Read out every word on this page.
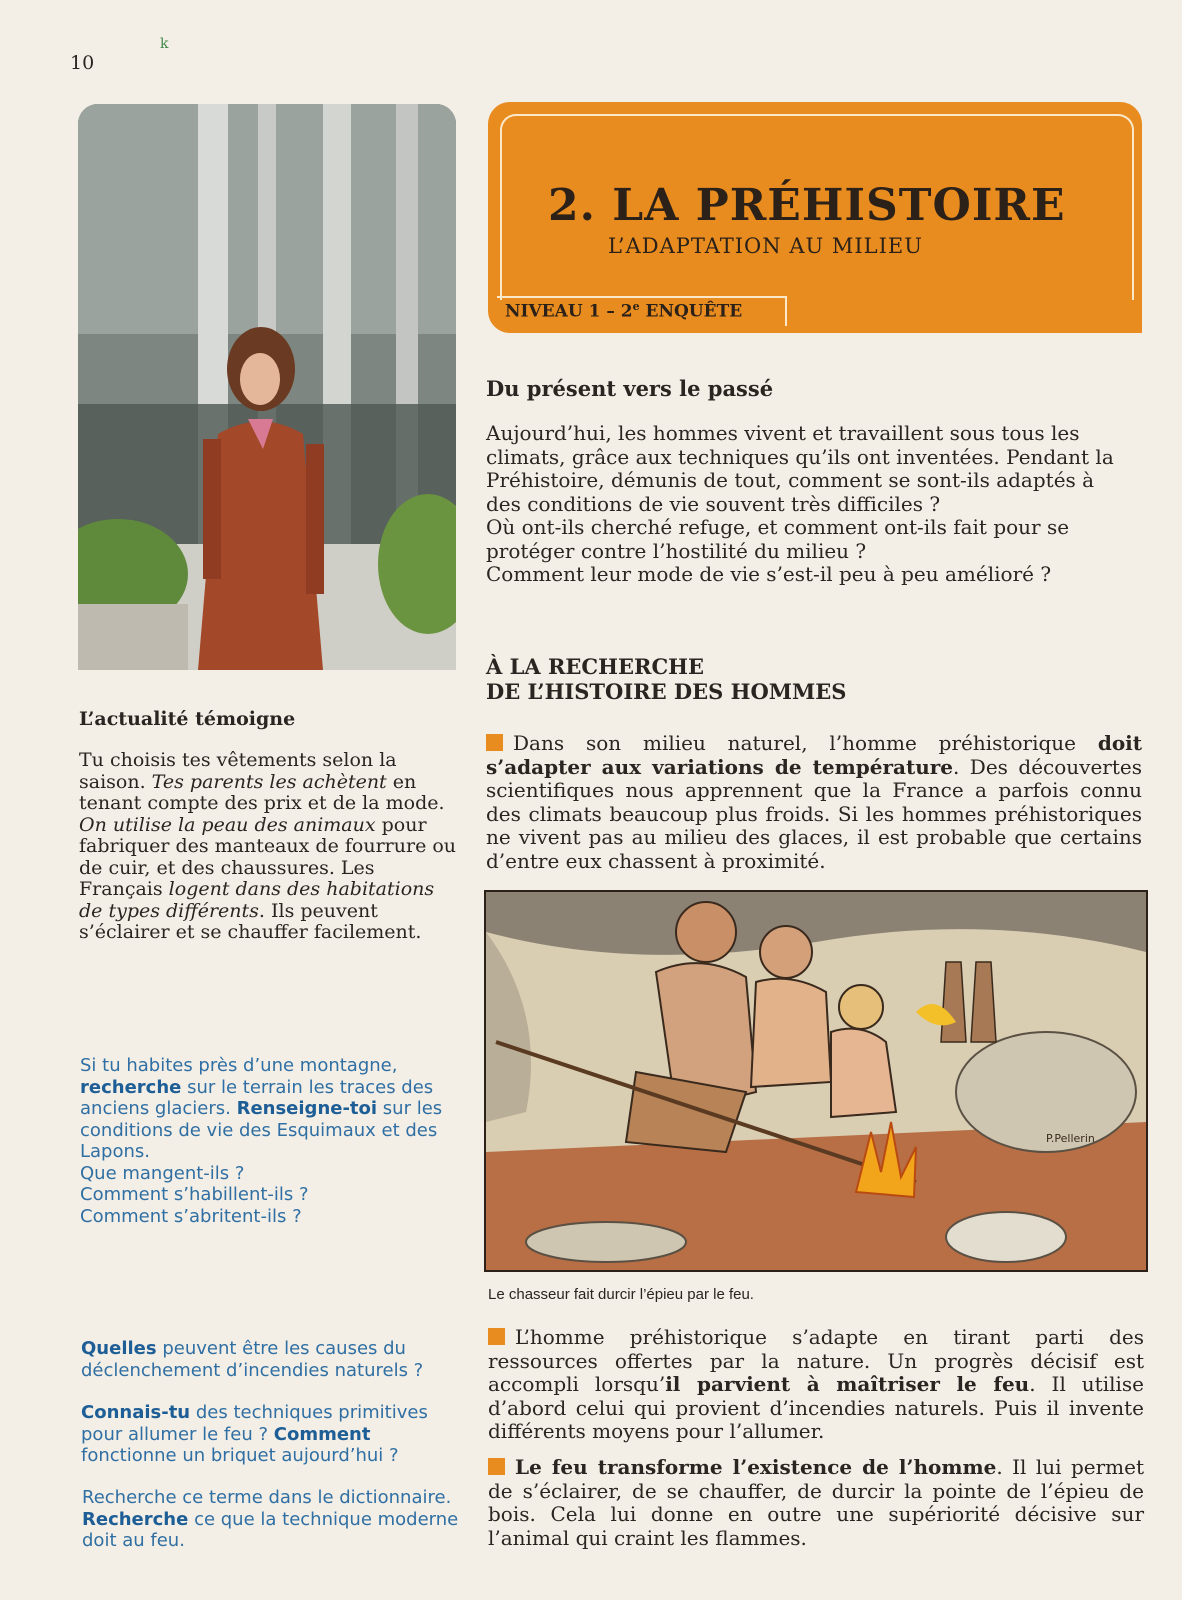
10
k
L’actualité témoigne
Tu choisis tes vêtements selon la saison. Tes parents les achètent en tenant compte des prix et de la mode. On utilise la peau des animaux pour fabriquer des manteaux de fourrure ou de cuir, et des chaussures. Les Français logent dans des habitations de types différents. Ils peuvent s’éclairer et se chauffer facilement.
Si tu habites près d’une montagne, recherche sur le terrain les traces des anciens glaciers. Renseigne-toi sur les conditions de vie des Esquimaux et des Lapons.
Que mangent-ils ?
Comment s’habillent-ils ?
Comment s’abritent-ils ?
Quelles peuvent être les causes du déclenchement d’incendies naturels ?
Connais-tu des techniques primitives pour allumer le feu ? Comment fonctionne un briquet aujourd’hui ?
Recherche ce terme dans le dictionnaire. Recherche ce que la technique moderne doit au feu.
2. LA PRÉHISTOIRE
L’ADAPTATION AU MILIEU
NIVEAU 1 – 2e ENQUÊTE
Du présent vers le passé
Aujourd’hui, les hommes vivent et travaillent sous tous les
climats, grâce aux techniques qu’ils ont inventées. Pendant la
Préhistoire, démunis de tout, comment se sont-ils adaptés à
des conditions de vie souvent très difficiles ?
Où ont-ils cherché refuge, et comment ont-ils fait pour se
protéger contre l’hostilité du milieu ?
Comment leur mode de vie s’est-il peu à peu amélioré ?
À LA RECHERCHE
DE L’HISTOIRE DES HOMMES
Dans son milieu naturel, l’homme préhistorique doit s’adapter aux variations de température. Des découvertes scientifiques nous apprennent que la France a parfois connu des climats beaucoup plus froids. Si les hommes préhistoriques ne vivent pas au milieu des glaces, il est probable que certains d’entre eux chassent à proximité.
P.Pellerin
Le chasseur fait durcir l’épieu par le feu.
L’homme préhistorique s’adapte en tirant parti des ressources offertes par la nature. Un progrès décisif est accompli lorsqu’il parvient à maîtriser le feu. Il utilise d’abord celui qui provient d’incendies naturels. Puis il invente différents moyens pour l’allumer.
Le feu transforme l’existence de l’homme. Il lui permet de s’éclairer, de se chauffer, de durcir la pointe de l’épieu de bois. Cela lui donne en outre une supériorité décisive sur l’animal qui craint les flammes.
